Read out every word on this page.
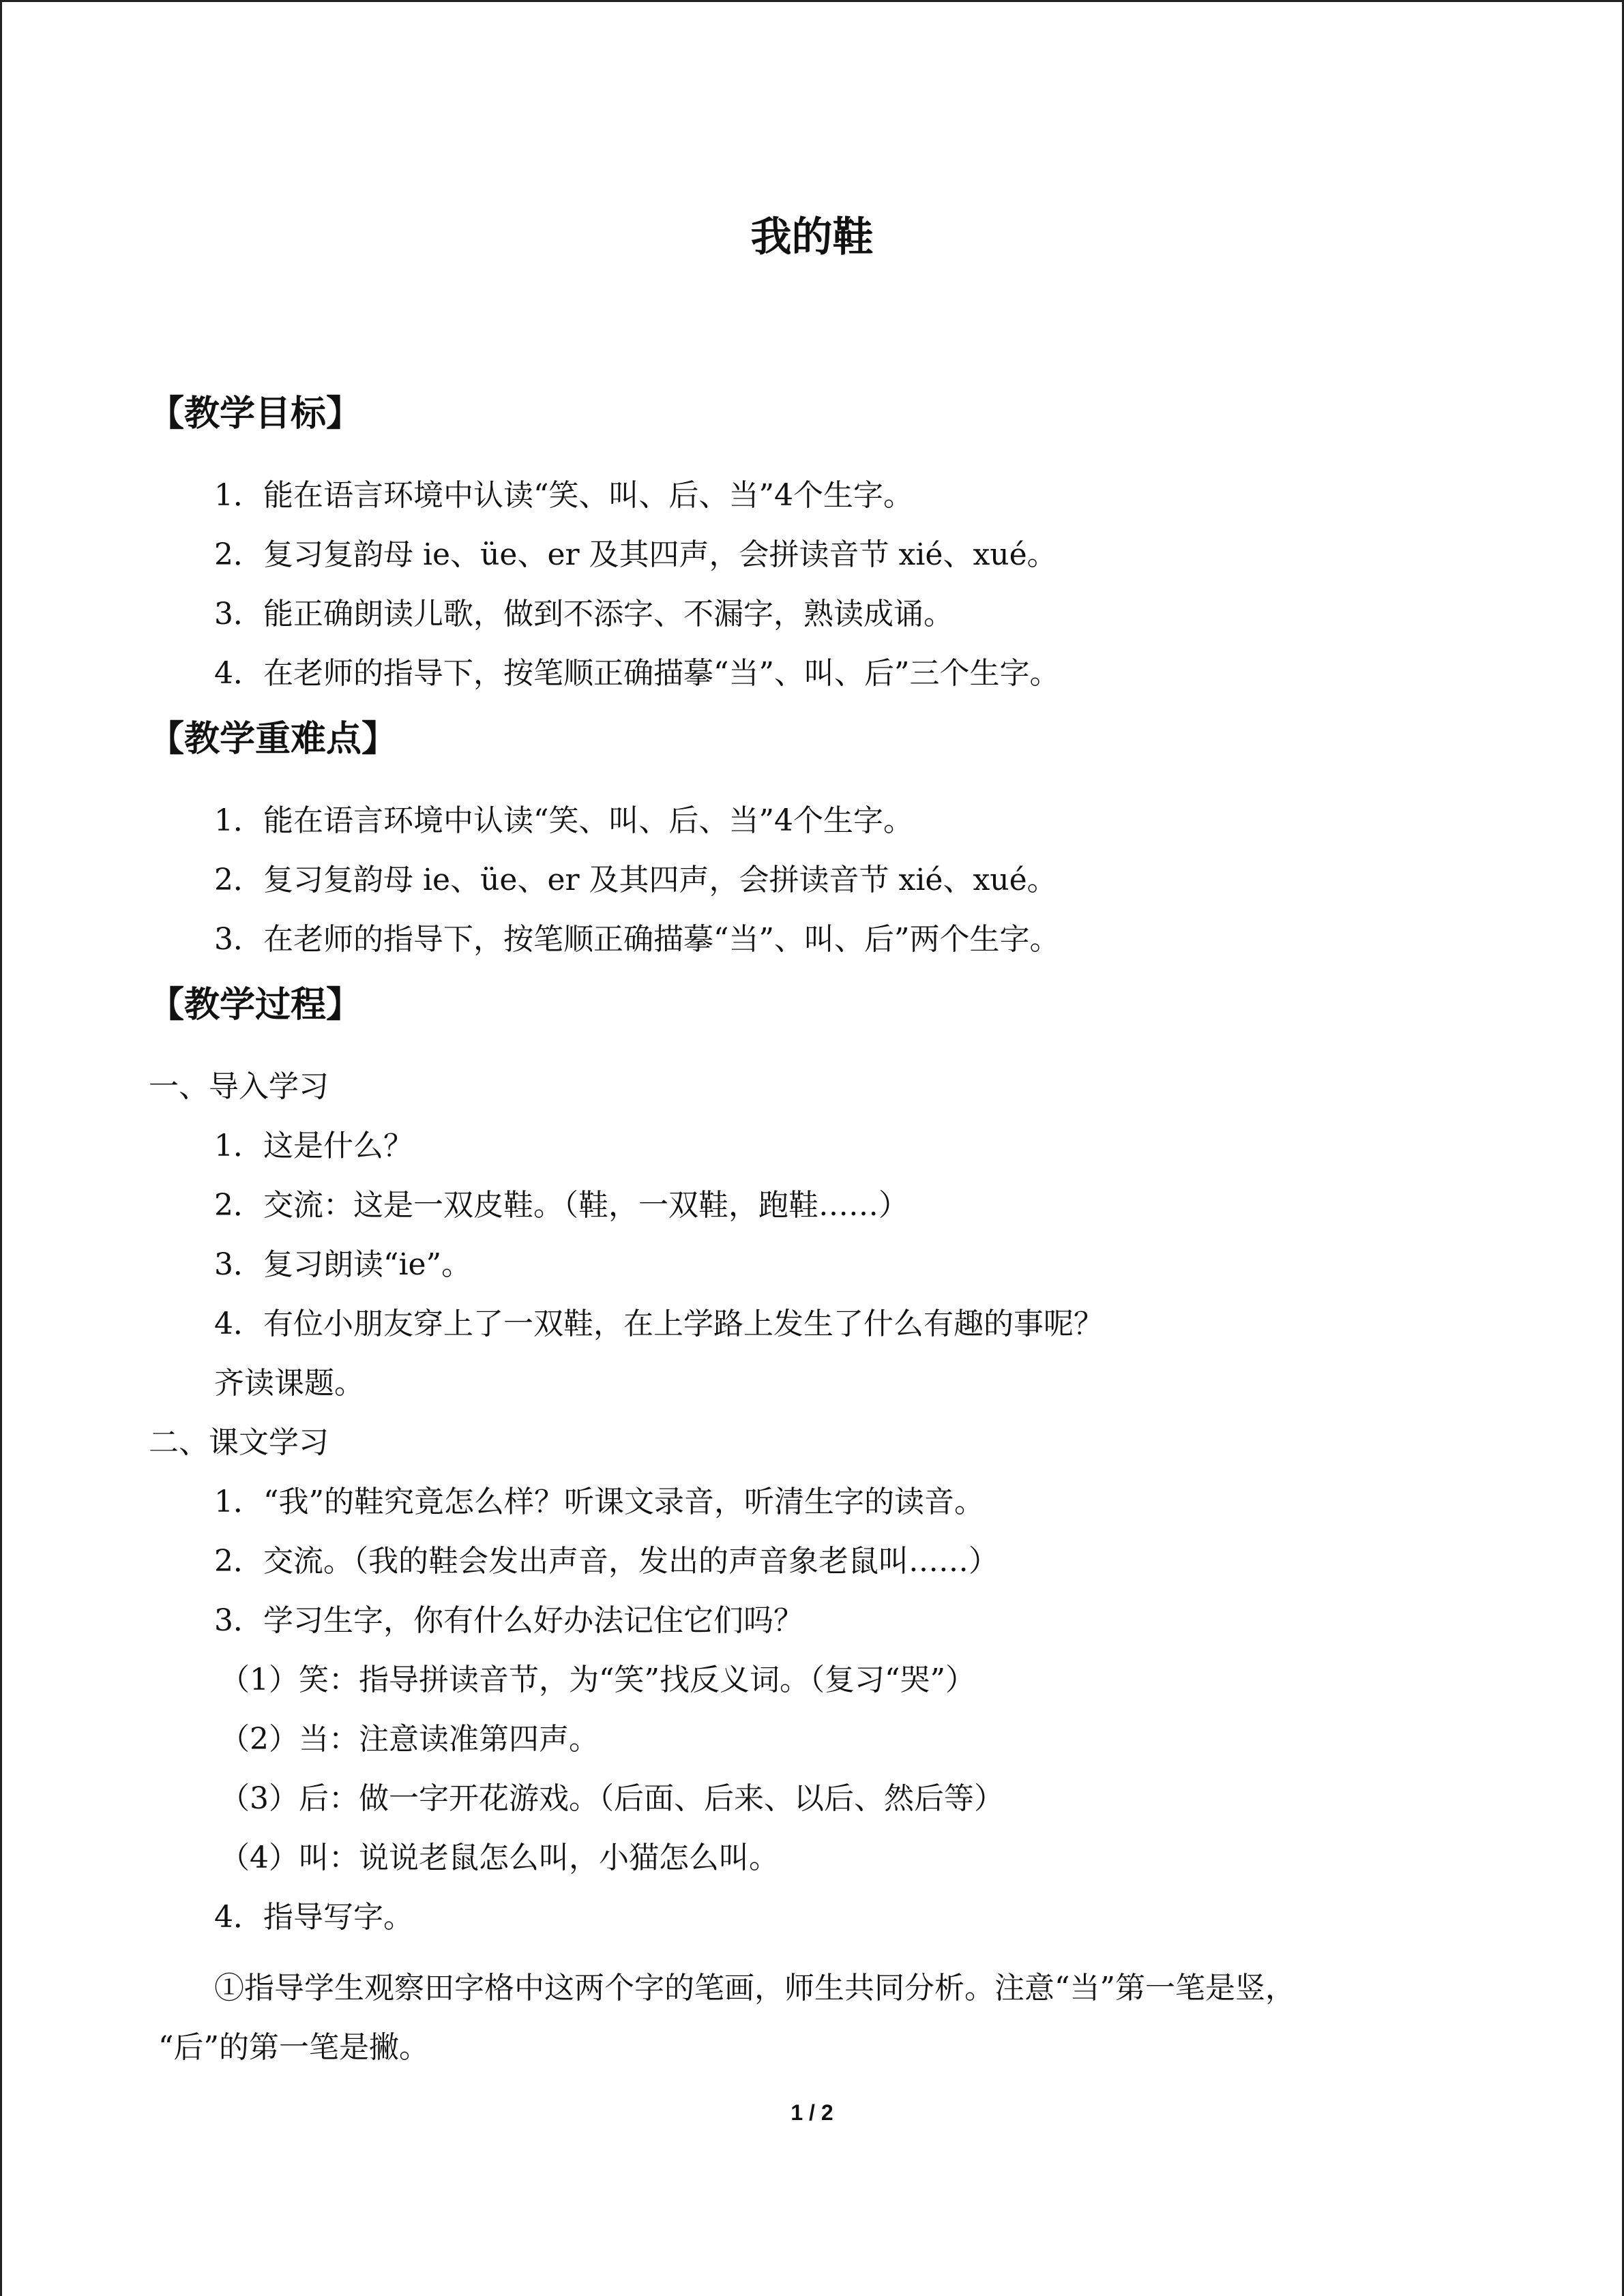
我的鞋
【教学目标】
1．能在语言环境中认读“笑、叫、后、当”4个生字。
2．复习复韵母 ie、üe、er 及其四声，会拼读音节 xié、xué。
3．能正确朗读儿歌，做到不添字、不漏字，熟读成诵。
4．在老师的指导下，按笔顺正确描摹“当”、叫、后”三个生字。
【教学重难点】
1．能在语言环境中认读“笑、叫、后、当”4个生字。
2．复习复韵母 ie、üe、er 及其四声，会拼读音节 xié、xué。
3．在老师的指导下，按笔顺正确描摹“当”、叫、后”两个生字。
【教学过程】
一、导入学习
1．这是什么？
2．交流：这是一双皮鞋。（鞋，一双鞋，跑鞋……）
3．复习朗读“ie”。
4．有位小朋友穿上了一双鞋，在上学路上发生了什么有趣的事呢？
齐读课题。
二、课文学习
1．“我”的鞋究竟怎么样？听课文录音，听清生字的读音。
2．交流。（我的鞋会发出声音，发出的声音象老鼠叫……）
3．学习生字，你有什么好办法记住它们吗？
（1）笑：指导拼读音节，为“笑”找反义词。（复习“哭”）
（2）当：注意读准第四声。
（3）后：做一字开花游戏。（后面、后来、以后、然后等）
（4）叫：说说老鼠怎么叫，小猫怎么叫。
4．指导写字。
①指导学生观察田字格中这两个字的笔画，师生共同分析。注意“当”第一笔是竖，
“后”的第一笔是撇。
1 / 2
